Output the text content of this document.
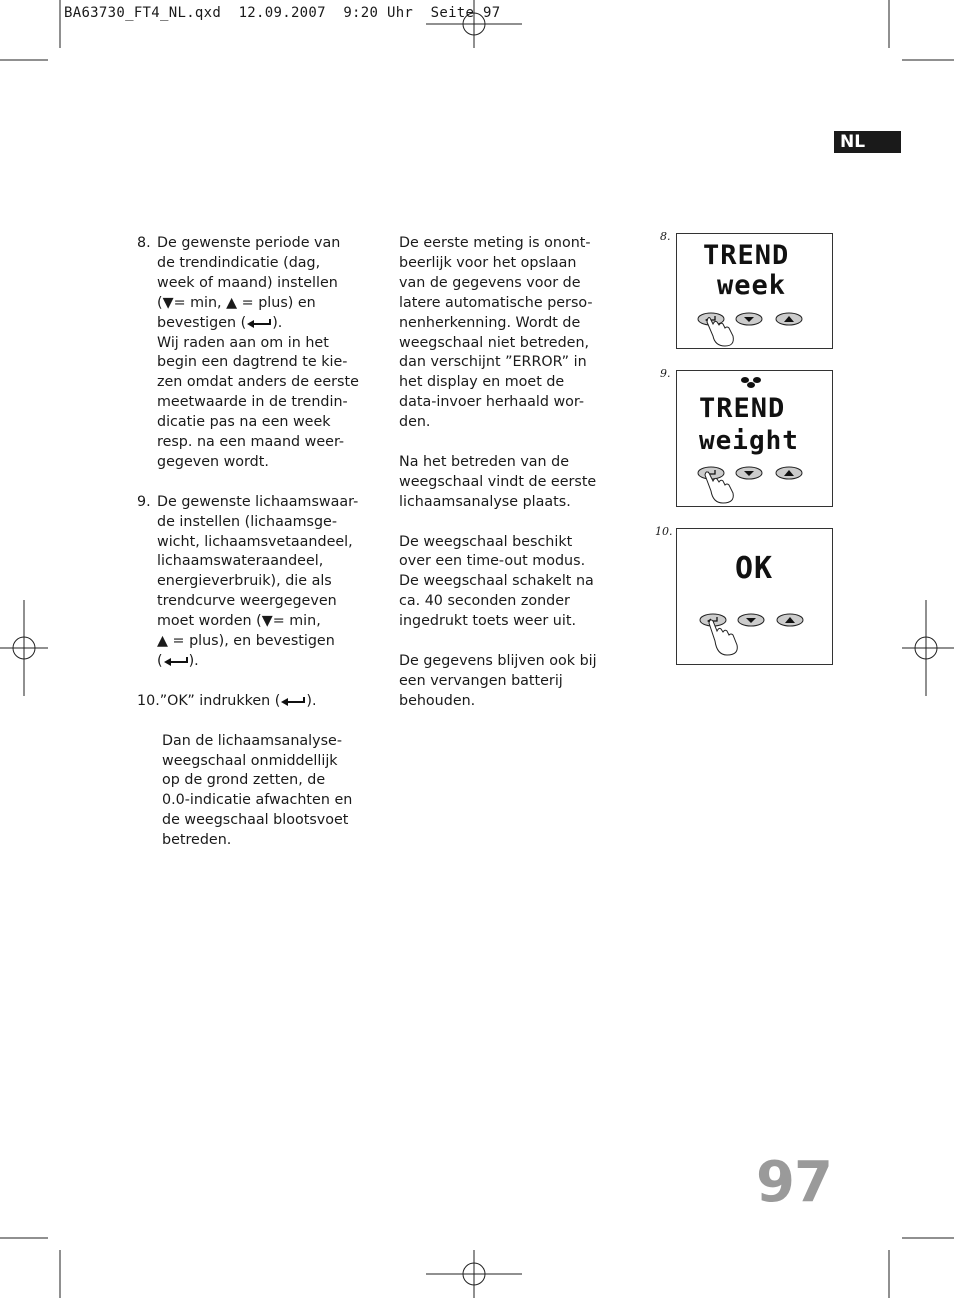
BA63730_FT4_NL.qxd  12.09.2007  9:20 Uhr  Seite 97
NL
8. De gewenste periode van

de trendindicatie (dag,

week of maand) instellen

(▼= min, ▲ = plus) en

bevestigen ( ).

Wij raden aan om in het

begin een dagtrend te kie-

zen omdat anders de eerste

meetwaarde in de trendin-

dicatie pas na een week

resp. na een maand weer-

gegeven wordt.

9. De gewenste lichaamswaar-

de instellen (lichaamsge-

wicht, lichaamsvetaandeel,

lichaamswateraandeel,

energieverbruik), die als

trendcurve weergegeven

moet worden (▼= min,

▲ = plus), en bevestigen

( ).

10.”OK” indrukken ( ).

Dan de lichaamsanalyse-

weegschaal onmiddellijk

op de grond zetten, de

0.0-indicatie afwachten en

de weegschaal blootsvoet

betreden.

De eerste meting is onont-

beerlijk voor het opslaan

van de gegevens voor de

latere automatische perso-

nenherkenning. Wordt de

weegschaal niet betreden,

dan verschijnt ”ERROR” in

het display en moet de

data-invoer herhaald wor-

den.

Na het betreden van de

weegschaal vindt de eerste

lichaamsanalyse plaats.

De weegschaal beschikt

over een time-out modus.

De weegschaal schakelt na

ca. 40 seconden zonder

ingedrukt toets weer uit.

De gegevens blijven ook bij

een vervangen batterij

behouden.

8.
TREND
week
9.
TREND
weight
10.
OK
97
